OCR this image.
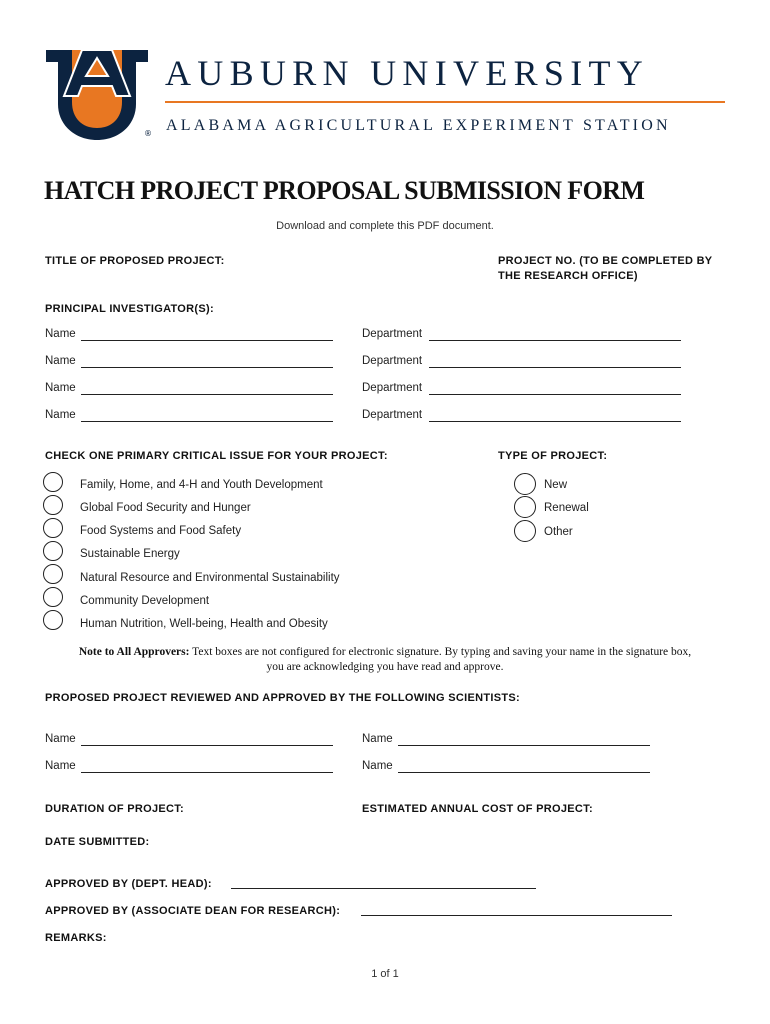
®
AUBURN UNIVERSITY
ALABAMA AGRICULTURAL EXPERIMENT STATION
HATCH PROJECT PROPOSAL SUBMISSION FORM
Download and complete this PDF document.
TITLE OF PROPOSED PROJECT:	PROJECT NO. (TO BE COMPLETED BY
THE RESEARCH OFFICE)
PRINCIPAL INVESTIGATOR(S):
Name	Department
Name	Department
Name	Department
Name	Department
CHECK ONE PRIMARY CRITICAL ISSUE FOR YOUR PROJECT:	TYPE OF PROJECT:
Family, Home, and 4-H and Youth Development
Global Food Security and Hunger
Food Systems and Food Safety
Sustainable Energy
Natural Resource and Environmental Sustainability
Community Development
Human Nutrition, Well-being, Health and Obesity
New
Renewal
Other
Note to All Approvers: Text boxes are not configured for electronic signature. By typing and saving your name in the signature box,
you are acknowledging you have read and approve.
PROPOSED PROJECT REVIEWED AND APPROVED BY THE FOLLOWING SCIENTISTS:
Name	Name
Name	Name
DURATION OF PROJECT:	ESTIMATED ANNUAL COST OF PROJECT:
DATE SUBMITTED:
APPROVED BY (DEPT. HEAD):
APPROVED BY (ASSOCIATE DEAN FOR RESEARCH):
REMARKS:
1 of 1
